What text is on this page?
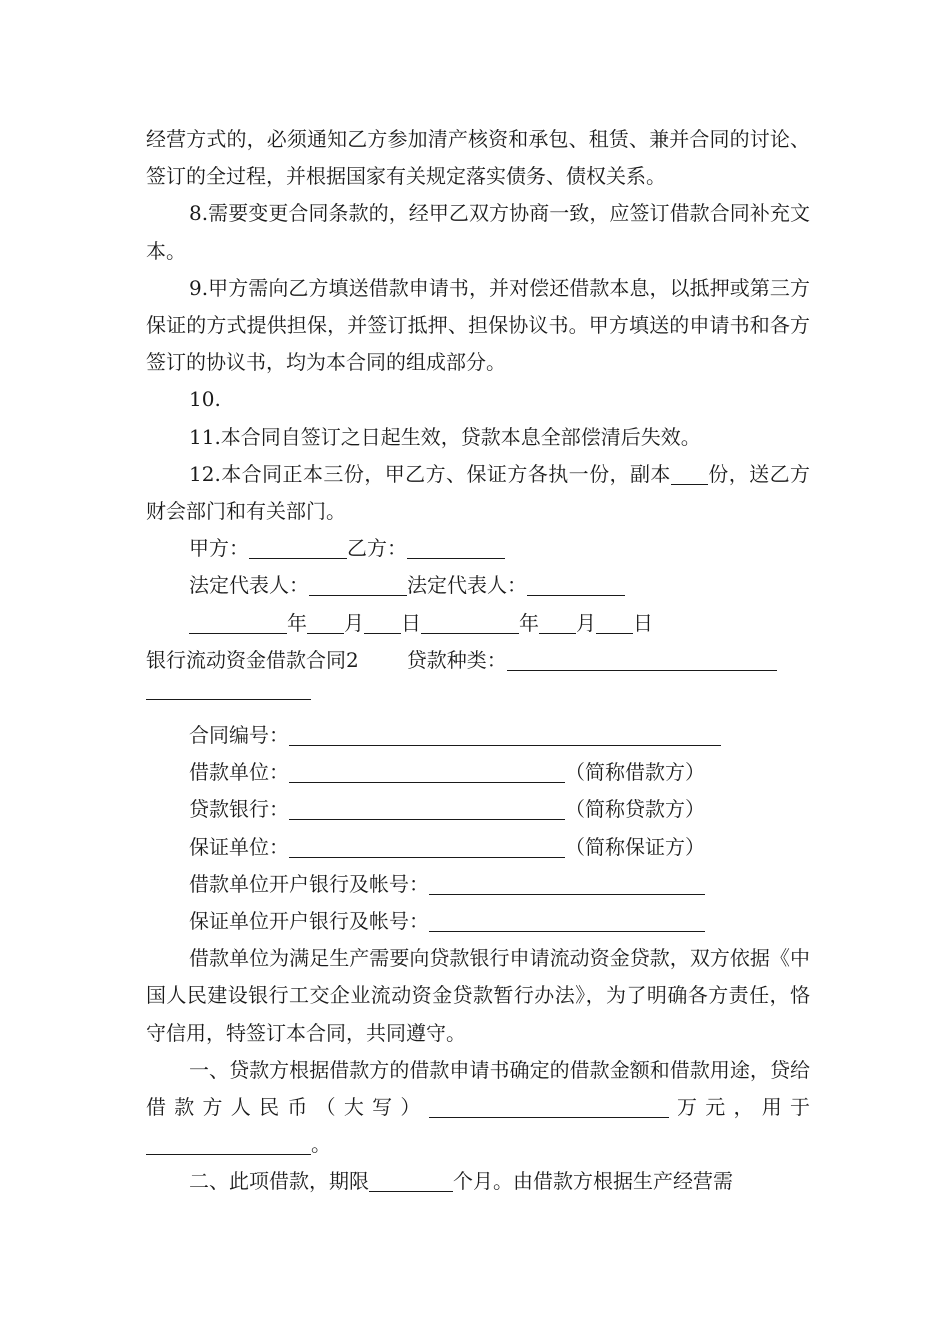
经营方式的，必须通知乙方参加清产核资和承包、租赁、兼并合同的讨论、签订的全过程，并根据国家有关规定落实债务、债权关系。

8.需要变更合同条款的，经甲乙双方协商一致，应签订借款合同补充文本。

9.甲方需向乙方填送借款申请书，并对偿还借款本息，以抵押或第三方保证的方式提供担保，并签订抵押、担保协议书。甲方填送的申请书和各方签订的协议书，均为本合同的组成部分。

10.

11.本合同自签订之日起生效，贷款本息全部偿清后失效。

12.本合同正本三份，甲乙方、保证方各执一份，副本 份，送乙方财会部门和有关部门。

甲方：	乙方：

法定代表人：	法定代表人：

年 月 日	年 月 日

银行流动资金借款合同2 贷款种类：

合同编号：

借款单位：	（简称借款方）

贷款银行：	（简称贷款方）

保证单位：	（简称保证方）

借款单位开户银行及帐号：

保证单位开户银行及帐号：

借款单位为满足生产需要向贷款银行申请流动资金贷款，双方依据《中国人民建设银行工交企业流动资金贷款暂行办法》，为了明确各方责任，恪守信用，特签订本合同，共同遵守。

一、贷款方根据借款方的借款申请书确定的借款金额和借款用途，贷给借款方人民币（大写）	万元，用于。

二、此项借款，期限	个月。由借款方根据生产经营需
